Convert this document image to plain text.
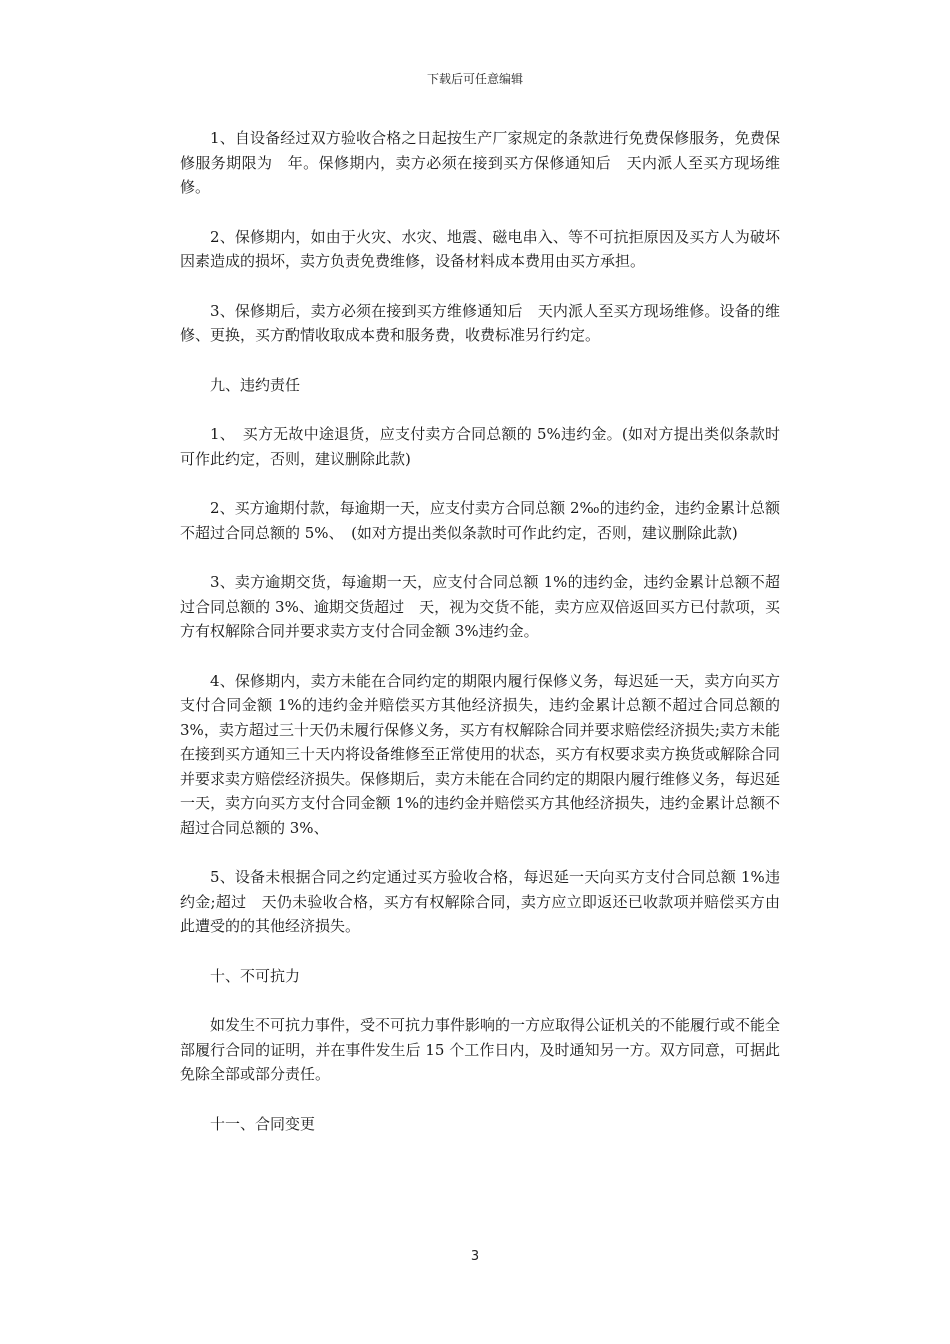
下载后可任意编辑

1、自设备经过双方验收合格之日起按生产厂家规定的条款进行免费保修服务，免费保修服务期限为　年。保修期内，卖方必须在接到买方保修通知后　天内派人至买方现场维修。

2、保修期内，如由于火灾、水灾、地震、磁电串入、等不可抗拒原因及买方人为破坏因素造成的损坏，卖方负责免费维修，设备材料成本费用由买方承担。

3、保修期后，卖方必须在接到买方维修通知后　天内派人至买方现场维修。设备的维修、更换，买方酌情收取成本费和服务费，收费标准另行约定。

九、违约责任

1、　买方无故中途退货，应支付卖方合同总额的 5%违约金。(如对方提出类似条款时可作此约定，否则，建议删除此款)

2、买方逾期付款，每逾期一天，应支付卖方合同总额 2‰的违约金，违约金累计总额不超过合同总额的 5%、　(如对方提出类似条款时可作此约定，否则，建议删除此款)

3、卖方逾期交货，每逾期一天，应支付合同总额 1%的违约金，违约金累计总额不超过合同总额的 3%、逾期交货超过　天，视为交货不能，卖方应双倍返回买方已付款项，买方有权解除合同并要求卖方支付合同金额 3%违约金。

4、保修期内，卖方未能在合同约定的期限内履行保修义务，每迟延一天，卖方向买方支付合同金额 1%的违约金并赔偿买方其他经济损失，违约金累计总额不超过合同总额的 3%，卖方超过三十天仍未履行保修义务，买方有权解除合同并要求赔偿经济损失;卖方未能在接到买方通知三十天内将设备维修至正常使用的状态，买方有权要求卖方换货或解除合同并要求卖方赔偿经济损失。保修期后，卖方未能在合同约定的期限内履行维修义务，每迟延一天，卖方向买方支付合同金额 1%的违约金并赔偿买方其他经济损失，违约金累计总额不超过合同总额的 3%、

5、设备未根据合同之约定通过买方验收合格，每迟延一天向买方支付合同总额 1%违约金;超过　天仍未验收合格，买方有权解除合同，卖方应立即返还已收款项并赔偿买方由此遭受的的其他经济损失。

十、不可抗力

如发生不可抗力事件，受不可抗力事件影响的一方应取得公证机关的不能履行或不能全部履行合同的证明，并在事件发生后 15 个工作日内，及时通知另一方。双方同意，可据此免除全部或部分责任。

十一、合同变更

3
